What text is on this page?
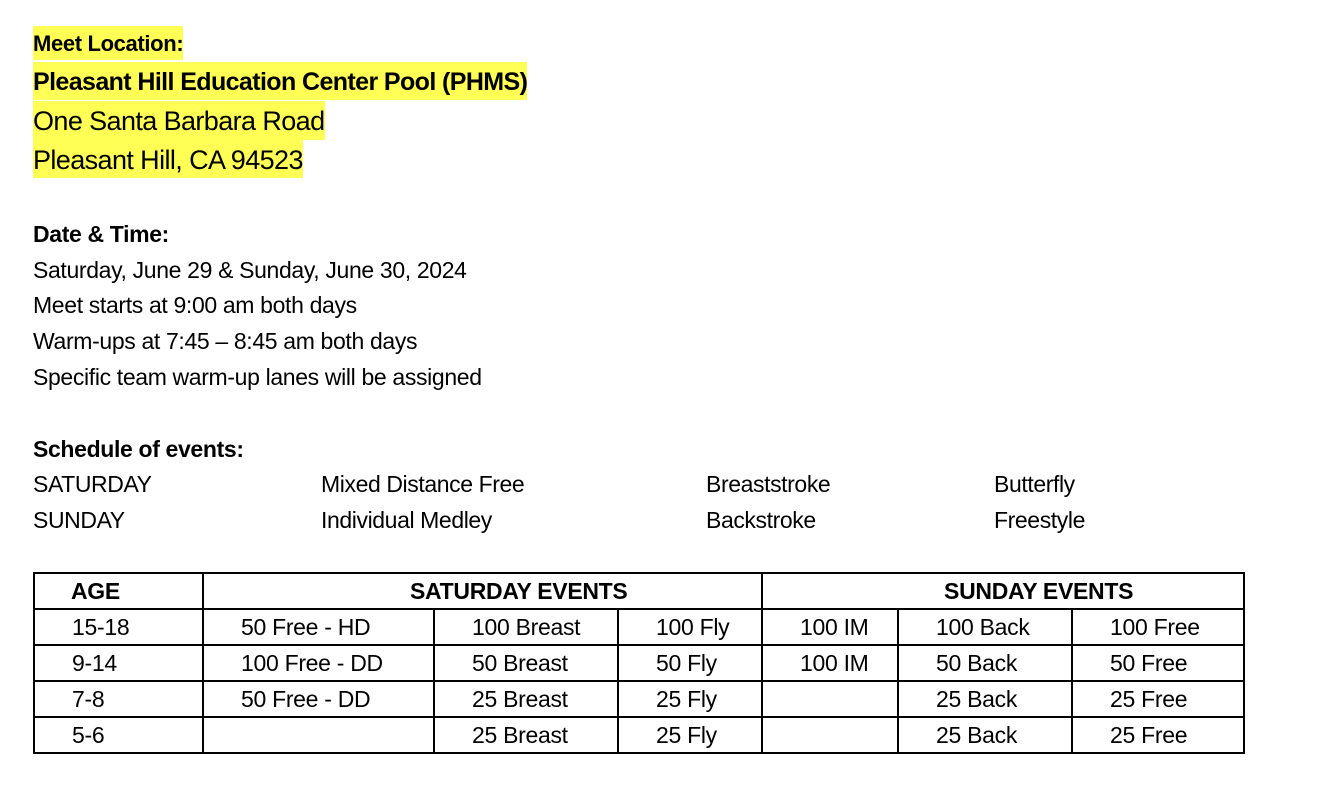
Meet Location:
Pleasant Hill Education Center Pool (PHMS)
One Santa Barbara Road
Pleasant Hill, CA 94523
Date & Time:
Saturday, June 29 & Sunday, June 30, 2024
Meet starts at 9:00 am both days
Warm-ups at 7:45 – 8:45 am both days
Specific team warm-up lanes will be assigned
Schedule of events:
SATURDAY	Mixed Distance Free	Breaststroke	Butterfly
SUNDAY	Individual Medley	Backstroke	Freestyle
AGE	SATURDAY EVENTS			SUNDAY EVENTS		
15-18	50 Free - HD	100 Breast	100 Fly	100 IM	100 Back	100 Free
9-14	100 Free - DD	50 Breast	50 Fly	100 IM	50 Back	50 Free
7-8	50 Free - DD	25 Breast	25 Fly		25 Back	25 Free
5-6		25 Breast	25 Fly		25 Back	25 Free
